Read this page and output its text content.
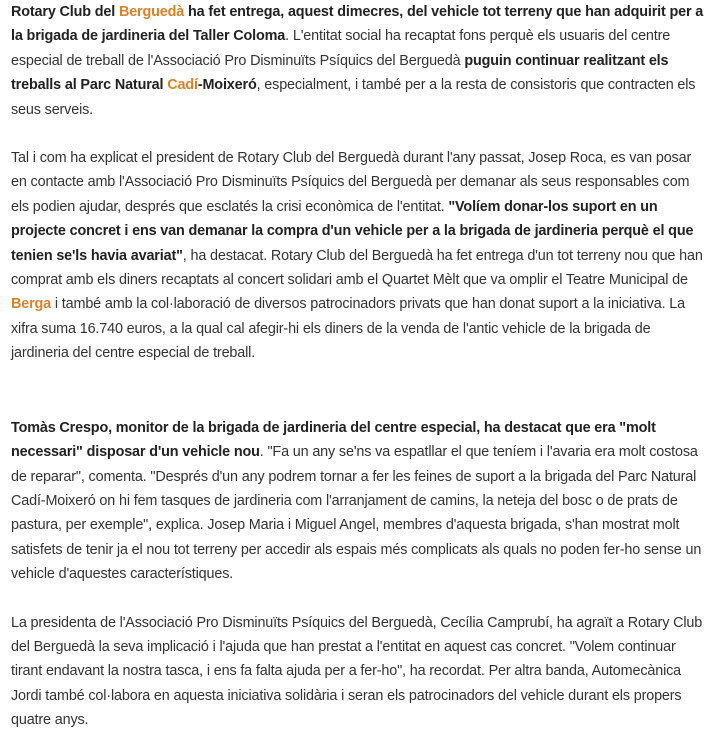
Rotary Club del Berguedà ha fet entrega, aquest dimecres, del vehicle tot terreny que han adquirit per a la brigada de jardineria del Taller Coloma. L'entitat social ha recaptat fons perquè els usuaris del centre especial de treball de l'Associació Pro Disminuïts Psíquics del Berguedà puguin continuar realitzant els treballs al Parc Natural Cadí-Moixeró, especialment, i també per a la resta de consistoris que contracten els seus serveis.

Tal i com ha explicat el president de Rotary Club del Berguedà durant l'any passat, Josep Roca, es van posar en contacte amb l'Associació Pro Disminuïts Psíquics del Berguedà per demanar als seus responsables com els podien ajudar, després que esclatés la crisi econòmica de l'entitat. "Volíem donar-los suport en un projecte concret i ens van demanar la compra d'un vehicle per a la brigada de jardineria perquè el que tenien se'ls havia avariat", ha destacat. Rotary Club del Berguedà ha fet entrega d'un tot terreny nou que han comprat amb els diners recaptats al concert solidari amb el Quartet Mèlt que va omplir el Teatre Municipal de Berga i també amb la col·laboració de diversos patrocinadors privats que han donat suport a la iniciativa. La xifra suma 16.740 euros, a la qual cal afegir-hi els diners de la venda de l'antic vehicle de la brigada de jardineria del centre especial de treball.

Tomàs Crespo, monitor de la brigada de jardineria del centre especial, ha destacat que era "molt necessari" disposar d'un vehicle nou. "Fa un any se'ns va espatllar el que teníem i l'avaria era molt costosa de reparar", comenta. "Després d'un any podrem tornar a fer les feines de suport a la brigada del Parc Natural Cadí-Moixeró on hi fem tasques de jardineria com l'arranjament de camins, la neteja del bosc o de prats de pastura, per exemple", explica. Josep Maria i Miguel Angel, membres d'aquesta brigada, s'han mostrat molt satisfets de tenir ja el nou tot terreny per accedir als espais més complicats als quals no poden fer-ho sense un vehicle d'aquestes característiques.

La presidenta de l'Associació Pro Disminuïts Psíquics del Berguedà, Cecília Camprubí, ha agraït a Rotary Club del Berguedà la seva implicació i l'ajuda que han prestat a l'entitat en aquest cas concret. "Volem continuar tirant endavant la nostra tasca, i ens fa falta ajuda per a fer-ho", ha recordat. Per altra banda, Automecànica Jordi també col·labora en aquesta iniciativa solidària i seran els patrocinadors del vehicle durant els propers quatre anys.
